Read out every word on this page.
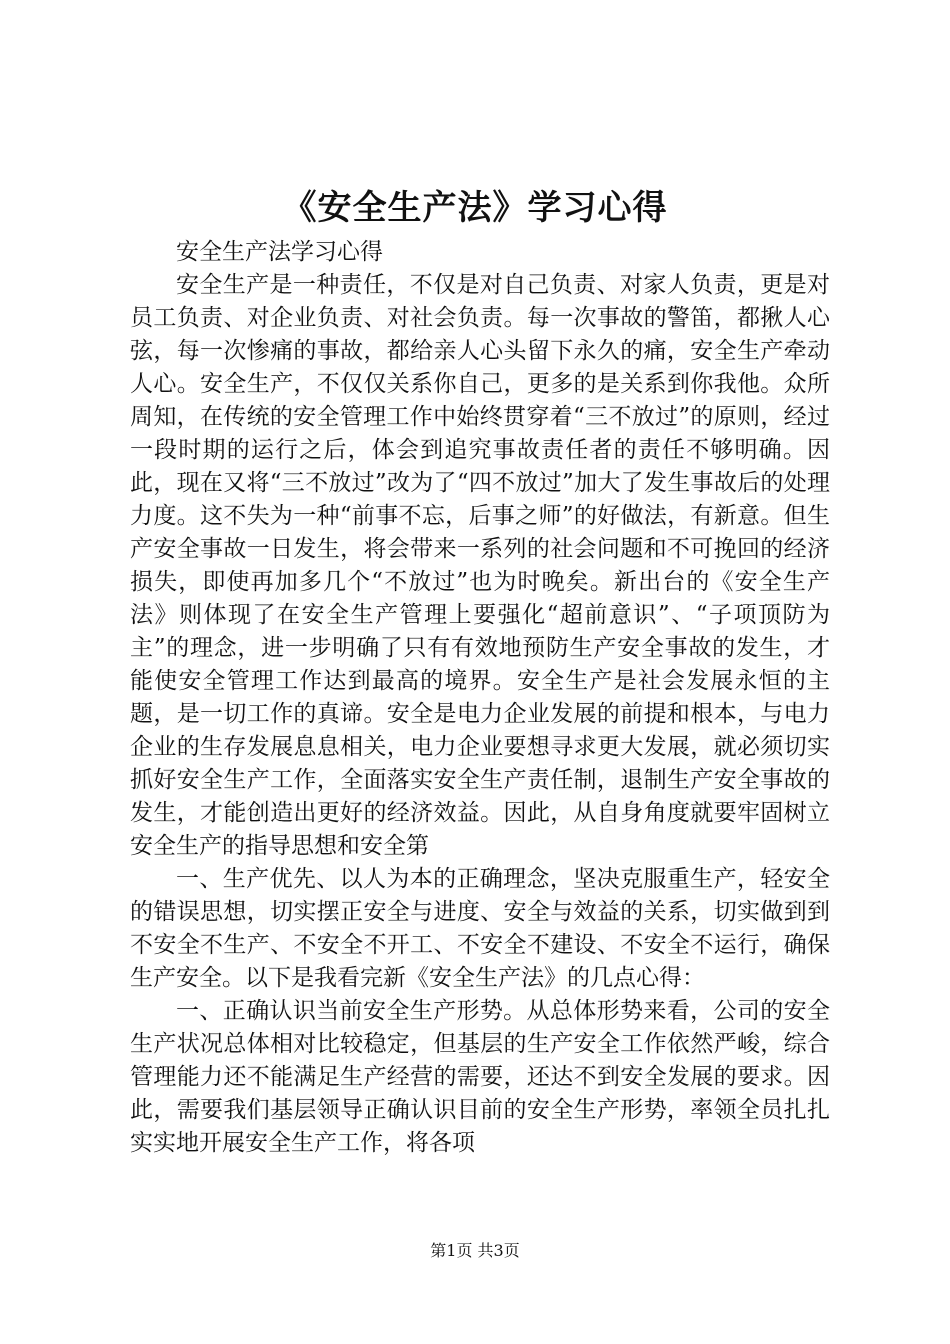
《安全生产法》学习心得

安全生产法学习心得

安全生产是一种责任，不仅是对自己负责、对家人负责，更是对员工负责、对企业负责、对社会负责。每一次事故的警笛，都揪人心弦，每一次惨痛的事故，都给亲人心头留下永久的痛，安全生产牵动人心。安全生产，不仅仅关系你自己，更多的是关系到你我他。众所周知，在传统的安全管理工作中始终贯穿着“三不放过”的原则，经过一段时期的运行之后，体会到追究事故责任者的责任不够明确。因此，现在又将“三不放过”改为了“四不放过”加大了发生事故后的处理力度。这不失为一种“前事不忘，后事之师”的好做法，有新意。但生产安全事故一日发生，将会带来一系列的社会问题和不可挽回的经济损失，即使再加多几个“不放过”也为时晚矣。新出台的《安全生产法》则体现了在安全生产管理上要强化“超前意识”、“子项顶防为主”的理念，进一步明确了只有有效地预防生产安全事故的发生，才能使安全管理工作达到最高的境界。安全生产是社会发展永恒的主题，是一切工作的真谛。安全是电力企业发展的前提和根本，与电力企业的生存发展息息相关，电力企业要想寻求更大发展，就必须切实抓好安全生产工作，全面落实安全生产责任制，退制生产安全事故的发生，才能创造出更好的经济效益。因此，从自身角度就要牢固树立安全生产的指导思想和安全第

一、生产优先、以人为本的正确理念，坚决克服重生产，轻安全的错误思想，切实摆正安全与进度、安全与效益的关系，切实做到到不安全不生产、不安全不开工、不安全不建设、不安全不运行，确保生产安全。以下是我看完新《安全生产法》的几点心得：

一、正确认识当前安全生产形势。从总体形势来看，公司的安全生产状况总体相对比较稳定，但基层的生产安全工作依然严峻，综合管理能力还不能满足生产经营的需要，还达不到安全发展的要求。因此，需要我们基层领导正确认识目前的安全生产形势，率领全员扎扎实实地开展安全生产工作，将各项

第1页 共3页
